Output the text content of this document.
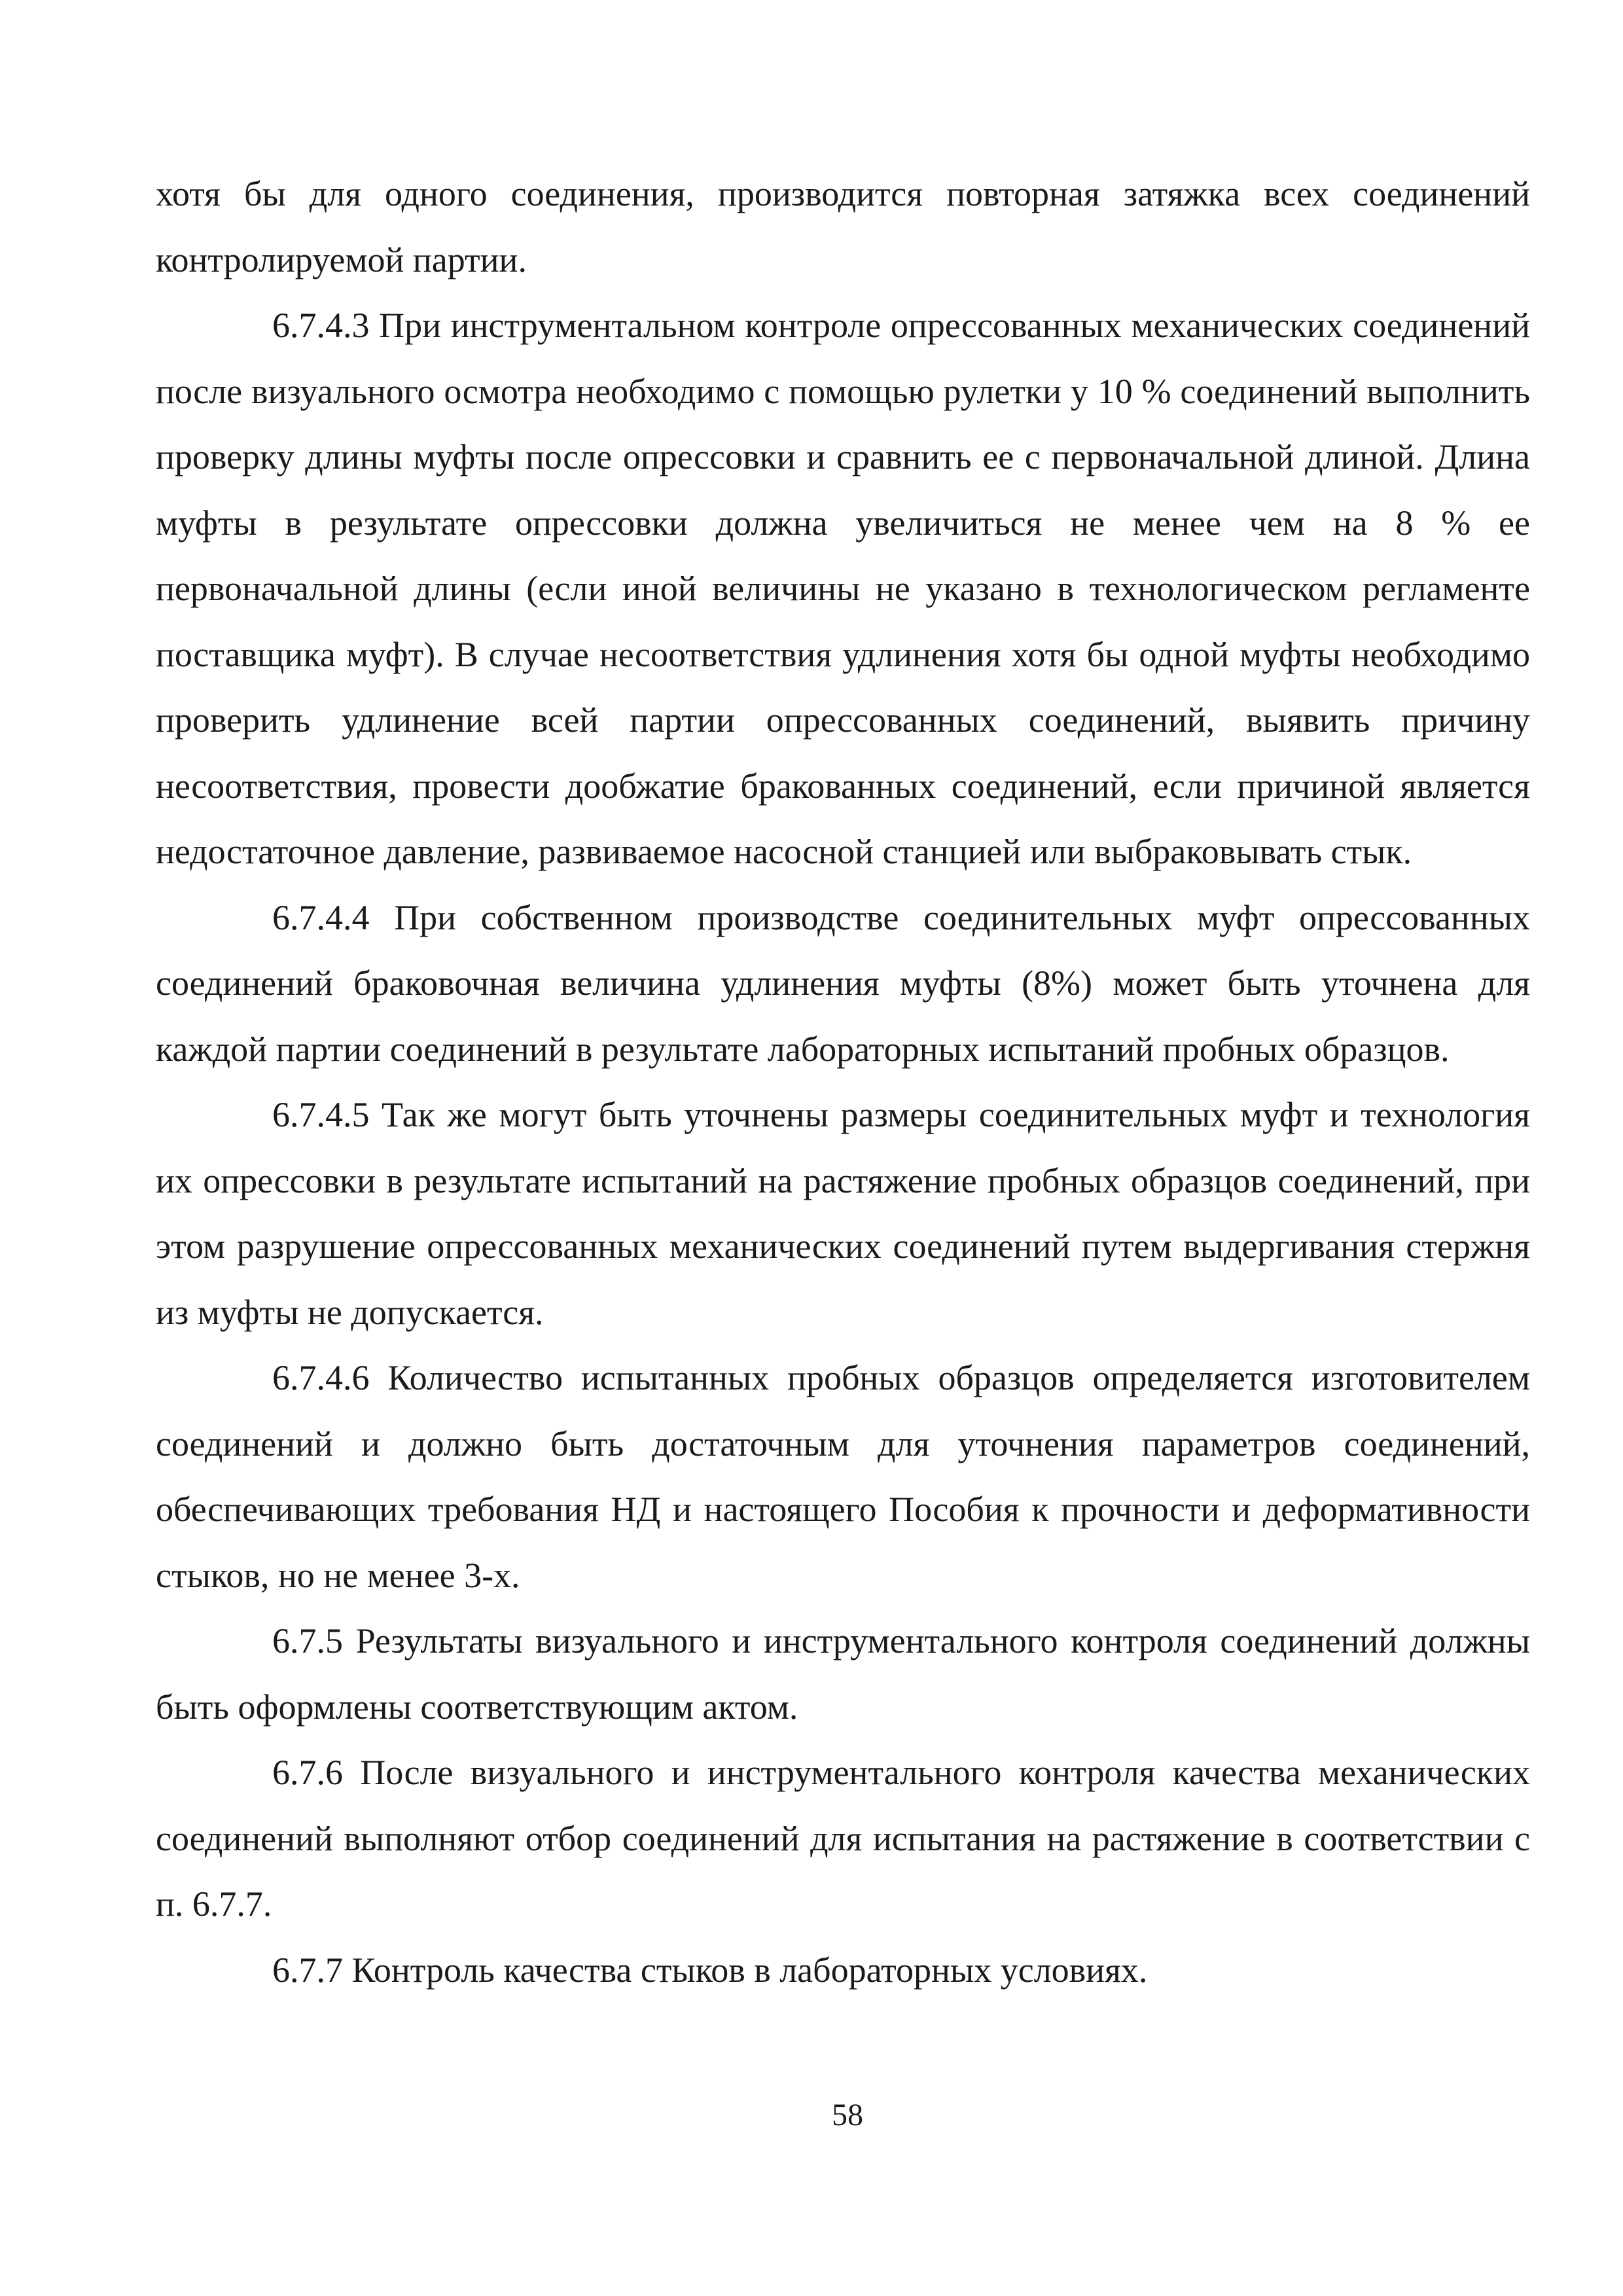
хотя бы для одного соединения, производится повторная затяжка всех соединений контролируемой партии.

6.7.4.3 При инструментальном контроле опрессованных механических соединений после визуального осмотра необходимо с помощью рулетки у 10 % соединений выполнить проверку длины муфты после опрессовки и сравнить ее с первоначальной длиной. Длина муфты в результате опрессовки должна увеличиться не менее чем на 8 % ее первоначальной длины (если иной величины не указано в технологическом регламенте поставщика муфт). В случае несоответствия удлинения хотя бы одной муфты необходимо проверить удлинение всей партии опрессованных соединений, выявить причину несоответствия, провести дообжатие бракованных соединений, если причиной является недостаточное давление, развиваемое насосной станцией или выбраковывать стык.

6.7.4.4 При собственном производстве соединительных муфт опрессованных соединений браковочная величина удлинения муфты (8%) может быть уточнена для каждой партии соединений в результате лабораторных испытаний пробных образцов.

6.7.4.5 Так же могут быть уточнены размеры соединительных муфт и технология их опрессовки в результате испытаний на растяжение пробных образцов соединений, при этом разрушение опрессованных механических соединений путем выдергивания стержня из муфты не допускается.

6.7.4.6 Количество испытанных пробных образцов определяется изготовителем соединений и должно быть достаточным для уточнения параметров соединений, обеспечивающих требования НД и настоящего Пособия к прочности и деформативности стыков, но не менее 3-х.

6.7.5 Результаты визуального и инструментального контроля соединений должны быть оформлены соответствующим актом.

6.7.6 После визуального и инструментального контроля качества механических соединений выполняют отбор соединений для испытания на растяжение в соответствии с п. 6.7.7.

6.7.7 Контроль качества стыков в лабораторных условиях.

58
